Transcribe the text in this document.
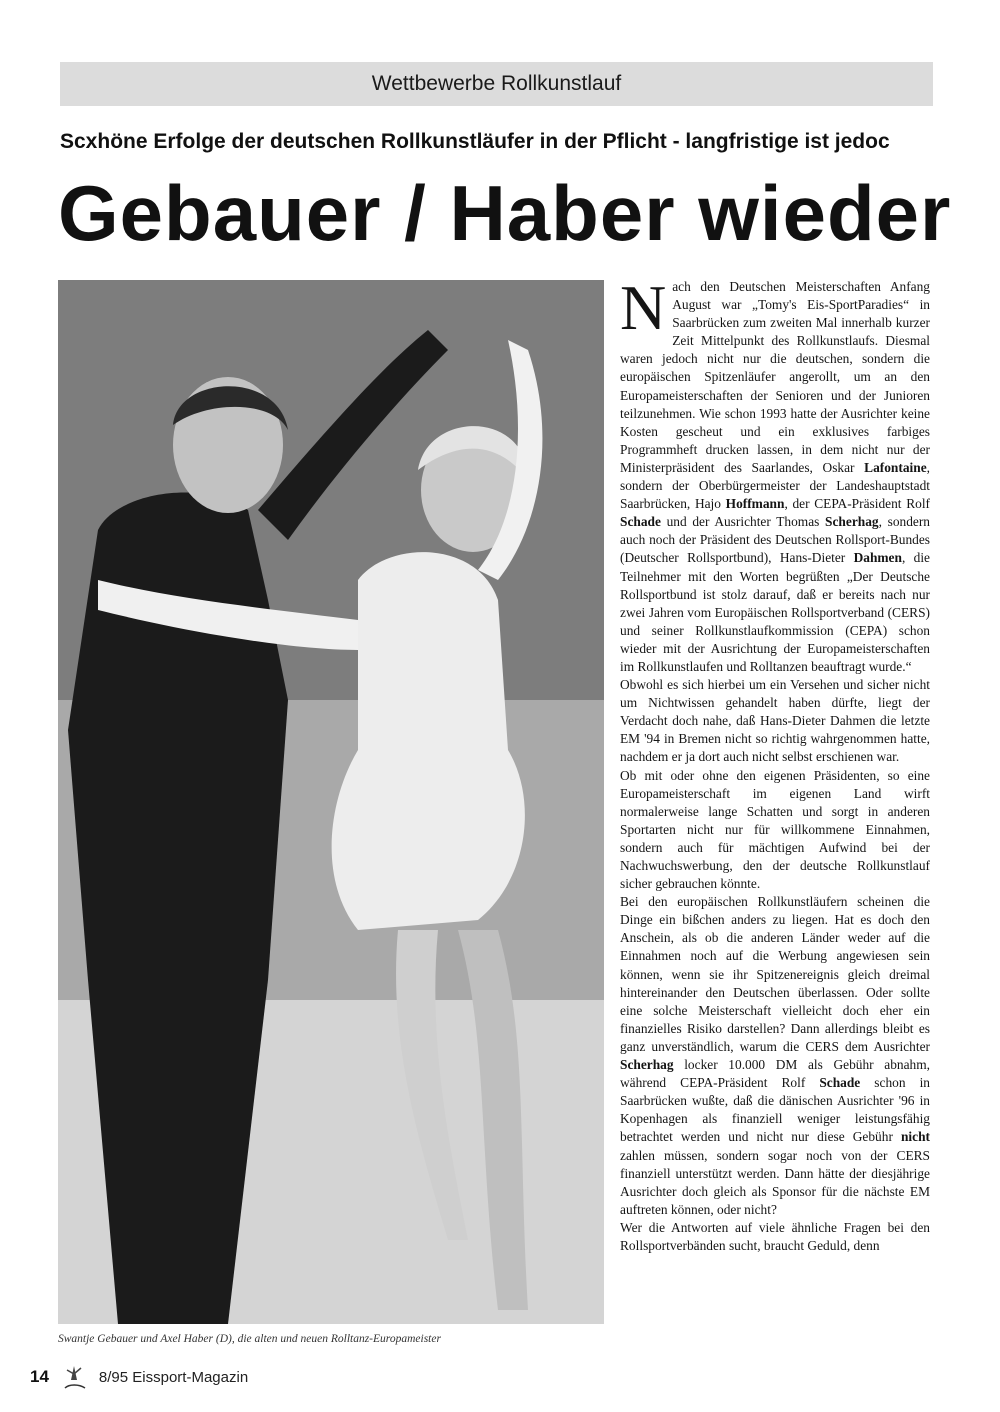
Wettbewerbe Rollkunstlauf
Scxhöne Erfolge der deutschen Rollkunstläufer in der Pflicht - langfristige ist jedoc
Gebauer / Haber wieder
Swantje Gebauer und Axel Haber (D), die alten und neuen Rolltanz-Europameister

Nach den Deutschen Meisterschaften Anfang August war „Tomy's Eis-SportParadies“ in Saarbrücken zum zweiten Mal innerhalb kurzer Zeit Mittelpunkt des Rollkunstlaufs. Diesmal waren jedoch nicht nur die deutschen, sondern die europäischen Spitzenläufer angerollt, um an den Europameisterschaften der Senioren und der Junioren teilzunehmen. Wie schon 1993 hatte der Ausrichter keine Kosten gescheut und ein exklusives farbiges Programmheft drucken lassen, in dem nicht nur der Ministerpräsident des Saarlandes, Oskar Lafontaine, sondern der Oberbürgermeister der Landeshauptstadt Saarbrücken, Hajo Hoffmann, der CEPA-Präsident Rolf Schade und der Ausrichter Thomas Scherhag, sondern auch noch der Präsident des Deutschen Rollsport-Bundes (Deutscher Rollsportbund), Hans-Dieter Dahmen, die Teilnehmer mit den Worten begrüßten „Der Deutsche Rollsportbund ist stolz darauf, daß er bereits nach nur zwei Jahren vom Europäischen Rollsportverband (CERS) und seiner Rollkunstlaufkommission (CEPA) schon wieder mit der Ausrichtung der Europameisterschaften im Rollkunstlaufen und Rolltanzen beauftragt wurde.“

Obwohl es sich hierbei um ein Versehen und sicher nicht um Nichtwissen gehandelt haben dürfte, liegt der Verdacht doch nahe, daß Hans-Dieter Dahmen die letzte EM '94 in Bremen nicht so richtig wahrgenommen hatte, nachdem er ja dort auch nicht selbst erschienen war.

Ob mit oder ohne den eigenen Präsidenten, so eine Europameisterschaft im eigenen Land wirft normalerweise lange Schatten und sorgt in anderen Sportarten nicht nur für willkommene Einnahmen, sondern auch für mächtigen Aufwind bei der Nachwuchswerbung, den der deutsche Rollkunstlauf sicher gebrauchen könnte.

Bei den europäischen Rollkunstläufern scheinen die Dinge ein bißchen anders zu liegen. Hat es doch den Anschein, als ob die anderen Länder weder auf die Einnahmen noch auf die Werbung angewiesen sein können, wenn sie ihr Spitzenereignis gleich dreimal hintereinander den Deutschen überlassen. Oder sollte eine solche Meisterschaft vielleicht doch eher ein finanzielles Risiko darstellen? Dann allerdings bleibt es ganz unverständlich, warum die CERS dem Ausrichter Scherhag locker 10.000 DM als Gebühr abnahm, während CEPA-Präsident Rolf Schade schon in Saarbrücken wußte, daß die dänischen Ausrichter '96 in Kopenhagen als finanziell weniger leistungsfähig betrachtet werden und nicht nur diese Gebühr nicht zahlen müssen, sondern sogar noch von der CERS finanziell unterstützt werden. Dann hätte der diesjährige Ausrichter doch gleich als Sponsor für die nächste EM auftreten können, oder nicht?

Wer die Antworten auf viele ähnliche Fragen bei den Rollsportverbänden sucht, braucht Geduld, denn

14	8/95 Eissport-Magazin
